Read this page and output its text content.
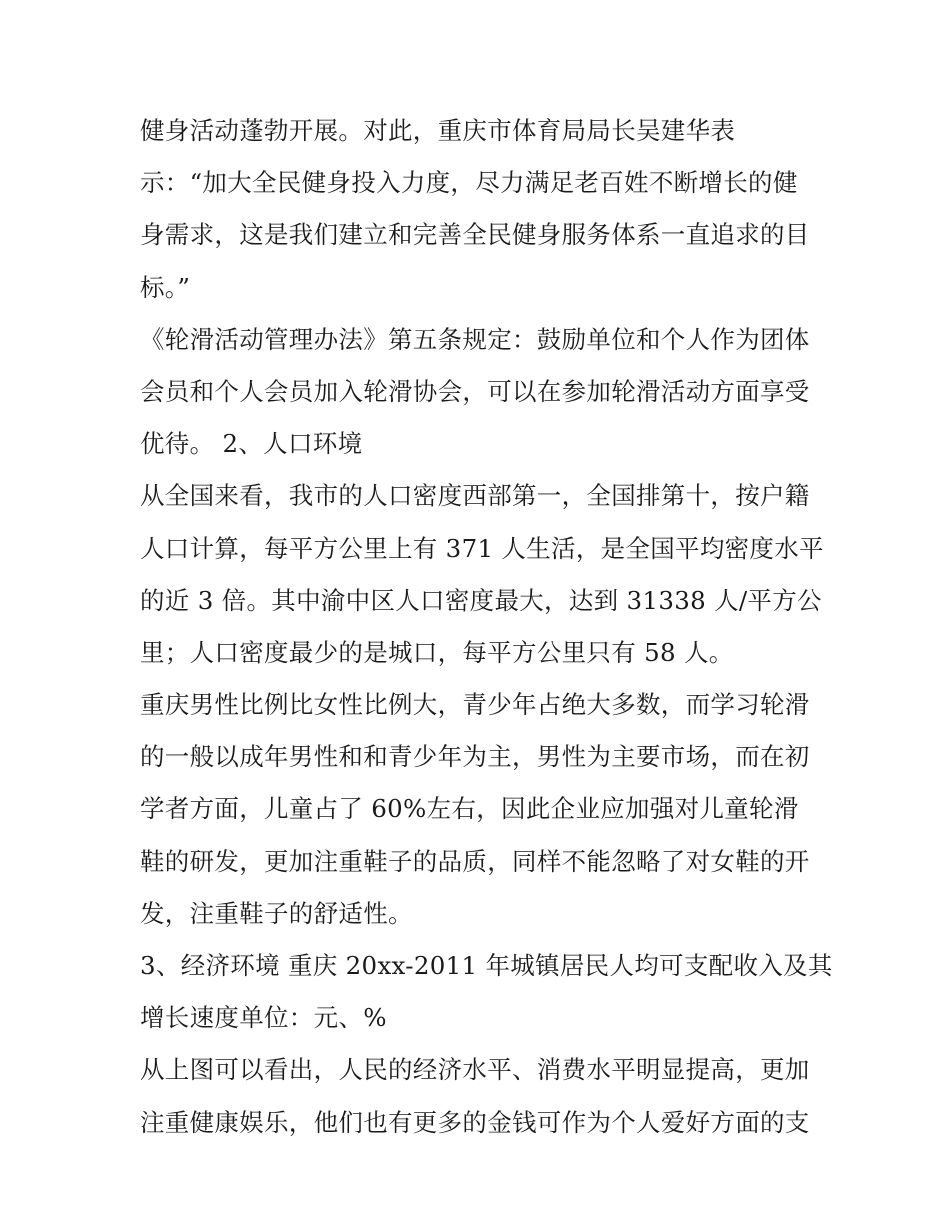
健身活动蓬勃开展。对此，重庆市体育局局长吴建华表
示：“加大全民健身投入力度，尽力满足老百姓不断增长的健
身需求，这是我们建立和完善全民健身服务体系一直追求的目
标。”
《轮滑活动管理办法》第五条规定：鼓励单位和个人作为团体
会员和个人会员加入轮滑协会，可以在参加轮滑活动方面享受
优待。 2、人口环境
从全国来看，我市的人口密度西部第一，全国排第十，按户籍
人口计算，每平方公里上有 371 人生活，是全国平均密度水平
的近 3 倍。其中渝中区人口密度最大，达到 31338 人/平方公
里；人口密度最少的是城口，每平方公里只有 58 人。
重庆男性比例比女性比例大，青少年占绝大多数，而学习轮滑
的一般以成年男性和和青少年为主，男性为主要市场，而在初
学者方面，儿童占了 60%左右，因此企业应加强对儿童轮滑
鞋的研发，更加注重鞋子的品质，同样不能忽略了对女鞋的开
发，注重鞋子的舒适性。
3、经济环境 重庆 20xx-2011 年城镇居民人均可支配收入及其
增长速度单位：元、%
从上图可以看出，人民的经济水平、消费水平明显提高，更加
注重健康娱乐，他们也有更多的金钱可作为个人爱好方面的支
